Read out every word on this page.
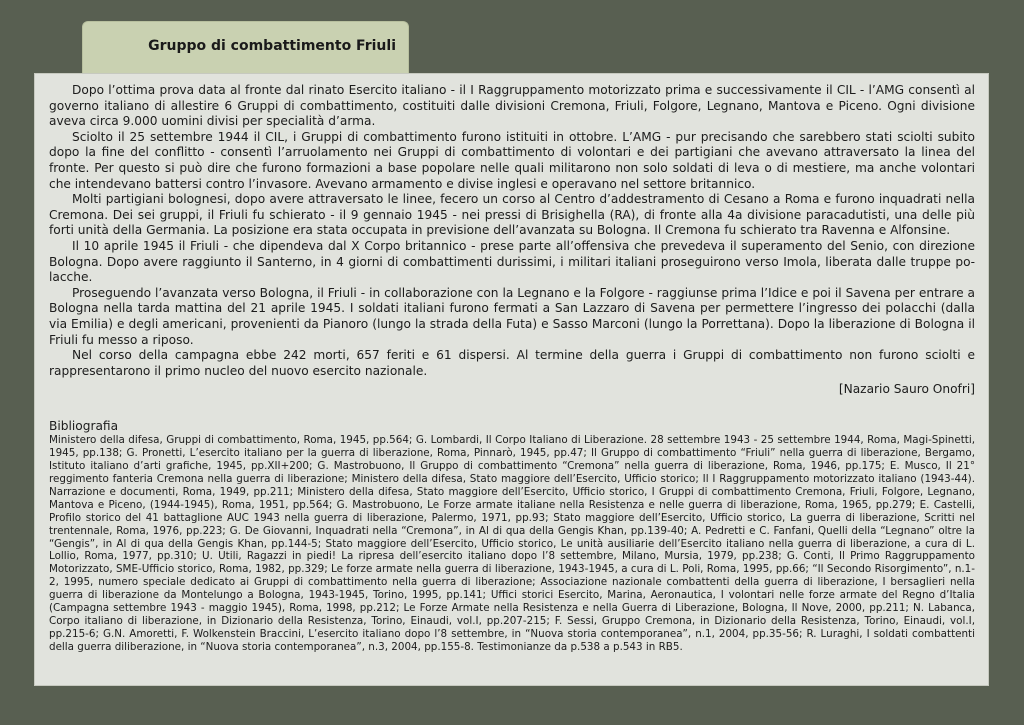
Gruppo di combattimento Friuli

Dopo l’ottima prova data al fronte dal rinato Esercito italiano - il I Raggruppamento motorizzato prima e successivamente il CIL - l’AMG consentì al governo italiano di allestire 6 Gruppi di combattimento, costituiti dalle divisioni Cremona, Friuli, Folgore, Legnano, Mantova e Piceno. Ogni divisione aveva circa 9.000 uomini divisi per specialità d’arma.

Sciolto il 25 settembre 1944 il CIL, i Gruppi di combattimento furono istituiti in ottobre. L’AMG - pur precisando che sarebbero stati sciolti subito dopo la fine del conflitto - consentì l’arruolamento nei Gruppi di combattimento di volontari e dei partigiani che avevano attraversato la linea del fronte. Per questo si può dire che furono formazioni a base popolare nelle quali militarono non solo soldati di leva o di mestiere, ma anche volontari che intendevano battersi contro l’invasore. Avevano armamento e divise inglesi e operavano nel settore britannico.

Molti partigiani bolognesi, dopo avere attraversato le linee, fecero un corso al Centro d’addestramento di Cesano a Roma e furono inquadrati nella Cremona. Dei sei gruppi, il Friuli fu schierato - il 9 gennaio 1945 - nei pressi di Brisighella (RA), di fronte alla 4a divisione paracadutisti, una delle più forti unità della Germania. La posizione era stata occupata in previsione dell’avanzata su Bologna. Il Cremona fu schierato tra Ravenna e Alfonsine.

Il 10 aprile 1945 il Friuli - che dipendeva dal X Corpo britannico - prese parte all’offensiva che prevedeva il superamento del Senio, con direzione Bologna. Dopo avere raggiunto il Santerno, in 4 giorni di combattimenti durissimi, i militari italiani proseguirono verso Imola, liberata dalle truppe polacche.

Proseguendo l’avanzata verso Bologna, il Friuli - in collaborazione con la Legnano e la Folgore - raggiunse prima l’Idice e poi il Savena per entrare a Bologna nella tarda mattina del 21 aprile 1945. I soldati italiani furono fermati a San Lazzaro di Savena per permettere l’ingresso dei polacchi (dalla via Emilia) e degli americani, provenienti da Pianoro (lungo la strada della Futa) e Sasso Marconi (lungo la Porrettana). Dopo la liberazione di Bologna il Friuli fu messo a riposo.

Nel corso della campagna ebbe 242 morti, 657 feriti e 61 dispersi. Al termine della guerra i Gruppi di combattimento non furono sciolti e rappresentarono il primo nucleo del nuovo esercito nazionale.

[Nazario Sauro Onofri]
Bibliografia

Ministero della difesa, Gruppi di combattimento, Roma, 1945, pp.564; G. Lombardi, Il Corpo Italiano di Liberazione. 28 settembre 1943 - 25 settembre 1944, Roma, Magi-Spinetti, 1945, pp.138; G. Pronetti, L’esercito italiano per la guerra di liberazione, Roma, Pinnarò, 1945, pp.47; Il Gruppo di combattimento “Friuli” nella guerra di liberazione, Bergamo, Istituto italiano d’arti grafiche, 1945, pp.XII+200; G. Mastrobuono, Il Gruppo di combattimento “Cremona” nella guerra di liberazione, Roma, 1946, pp.175; E. Musco, Il 21° reggimento fanteria Cremona nella guerra di liberazione; Ministero della difesa, Stato maggiore dell’Esercito, Ufficio storico; Il I Raggruppamento motorizzato italiano (1943-44). Narrazione e documenti, Roma, 1949, pp.211; Ministero della difesa, Stato maggiore dell’Esercito, Ufficio storico, I Gruppi di combattimento Cremona, Friuli, Folgore, Legnano, Mantova e Piceno, (1944-1945), Roma, 1951, pp.564; G. Mastrobuono, Le Forze armate italiane nella Resistenza e nelle guerra di liberazione, Roma, 1965, pp.279; E. Castelli, Profilo storico del 41 battaglione AUC 1943 nella guerra di liberazione, Palermo, 1971, pp.93; Stato maggiore dell’Esercito, Ufficio storico, La guerra di liberazione, Scritti nel trentennale, Roma, 1976, pp.223; G. De Giovanni, Inquadrati nella “Cremona”, in Al di qua della Gengis Khan, pp.139-40; A. Pedretti e C. Fanfani, Quelli della “Legnano” oltre la “Gengis”, in Al di qua della Gengis Khan, pp.144-5; Stato maggiore dell’Esercito, Ufficio storico, Le unità ausiliarie dell’Esercito italiano nella guerra di liberazione, a cura di L. Lollio, Roma, 1977, pp.310; U. Utili, Ragazzi in piedi! La ripresa dell’esercito italiano dopo l’8 settembre, Milano, Mursia, 1979, pp.238; G. Conti, Il Primo Raggruppamento Motorizzato, SME-Ufficio storico, Roma, 1982, pp.329; Le forze armate nella guerra di liberazione, 1943-1945, a cura di L. Poli, Roma, 1995, pp.66; “Il Secondo Risorgimento”, n.1-2, 1995, numero speciale dedicato ai Gruppi di combattimento nella guerra di liberazione; Associazione nazionale combattenti della guerra di liberazione, I bersaglieri nella guerra di liberazione da Montelungo a Bologna, 1943-1945, Torino, 1995, pp.141; Uffici storici Esercito, Marina, Aeronautica, I volontari nelle forze armate del Regno d’Italia (Campagna settembre 1943 - maggio 1945), Roma, 1998, pp.212; Le Forze Armate nella Resistenza e nella Guerra di Liberazione, Bologna, Il Nove, 2000, pp.211; N. Labanca, Corpo italiano di liberazione, in Dizionario della Resistenza, Torino, Einaudi, vol.I, pp.207-215; F. Sessi, Gruppo Cremona, in Dizionario della Resistenza, Torino, Einaudi, vol.I, pp.215-6; G.N. Amoretti, F. Wolkenstein Braccini, L’esercito italiano dopo l’8 settembre, in “Nuova storia contemporanea”, n.1, 2004, pp.35-56; R. Luraghi, I soldati combattenti della guerra diliberazione, in “Nuova storia contemporanea”, n.3, 2004, pp.155-8. Testimonianze da p.538 a p.543 in RB5.
